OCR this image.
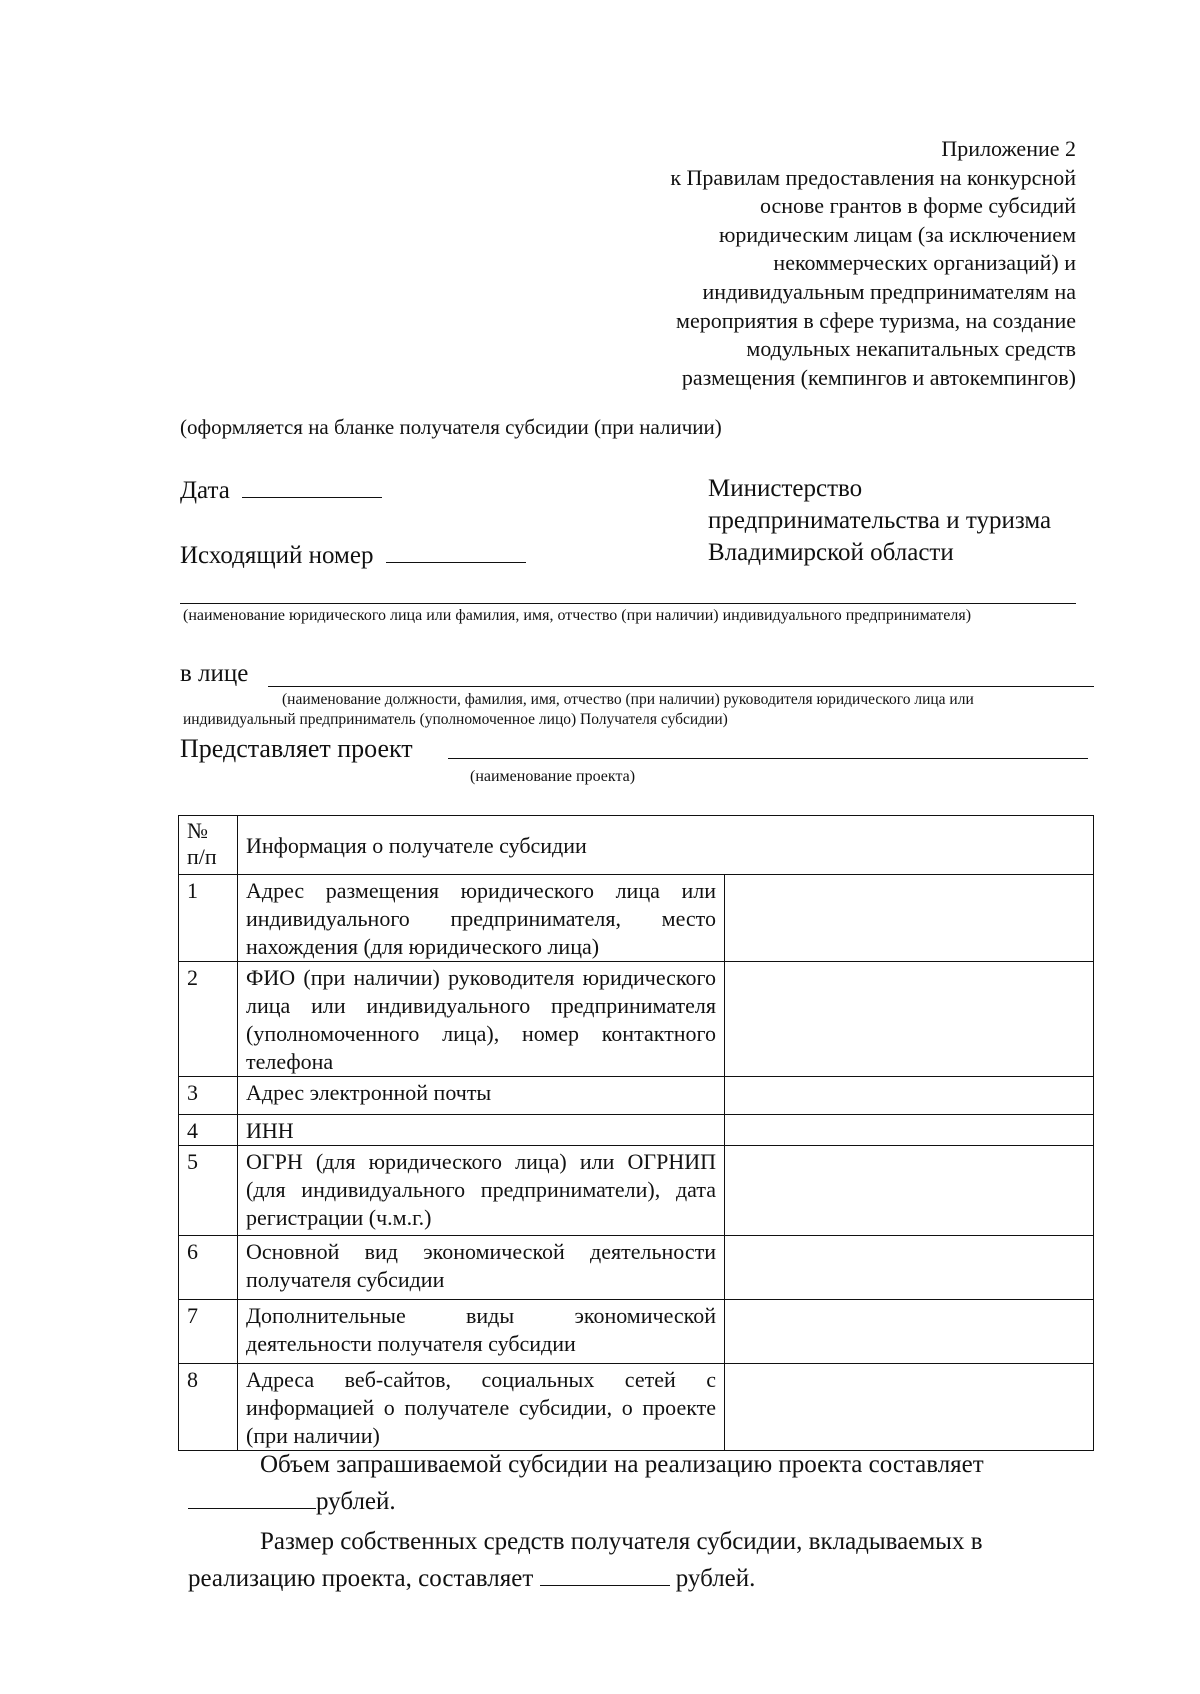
Приложение 2
к Правилам предоставления на конкурсной
основе грантов в форме субсидий
юридическим лицам (за исключением
некоммерческих организаций) и
индивидуальным предпринимателям на
мероприятия в сфере туризма, на создание
модульных некапитальных средств
размещения (кемпингов и автокемпингов)
(оформляется на бланке получателя субсидии (при наличии)
Дата
Исходящий номер
Министерство
предпринимательства и туризма
Владимирской области
(наименование юридического лица или фамилия, имя, отчество (при наличии) индивидуального предпринимателя)
в лице
(наименование должности, фамилия, имя, отчество (при наличии) руководителя юридического лица или
индивидуальный предприниматель (уполномоченное лицо) Получателя субсидии)
Представляет проект
(наименование проекта)
№ п/п	Информация о получателе субсидии	
1	Адрес размещения юридического лица или индивидуального предпринимателя, место нахождения (для юридического лица)	
2	ФИО (при наличии) руководителя юридического лица или индивидуального предпринимателя (уполномоченного лица), номер контактного телефона	
3	Адрес электронной почты	
4	ИНН	
5	ОГРН (для юридического лица) или ОГРНИП (для индивидуального предприниматели), дата регистрации (ч.м.г.)	
6	Основной вид экономической деятельности получателя субсидии	
7	Дополнительные виды экономической деятельности получателя субсидии	
8	Адреса веб-сайтов, социальных сетей с информацией о получателе субсидии, о проекте (при наличии)	
Объем запрашиваемой субсидии на реализацию проекта составляет
рублей.
Размер собственных средств получателя субсидии, вкладываемых в
реализацию проекта, составляет	рублей.
